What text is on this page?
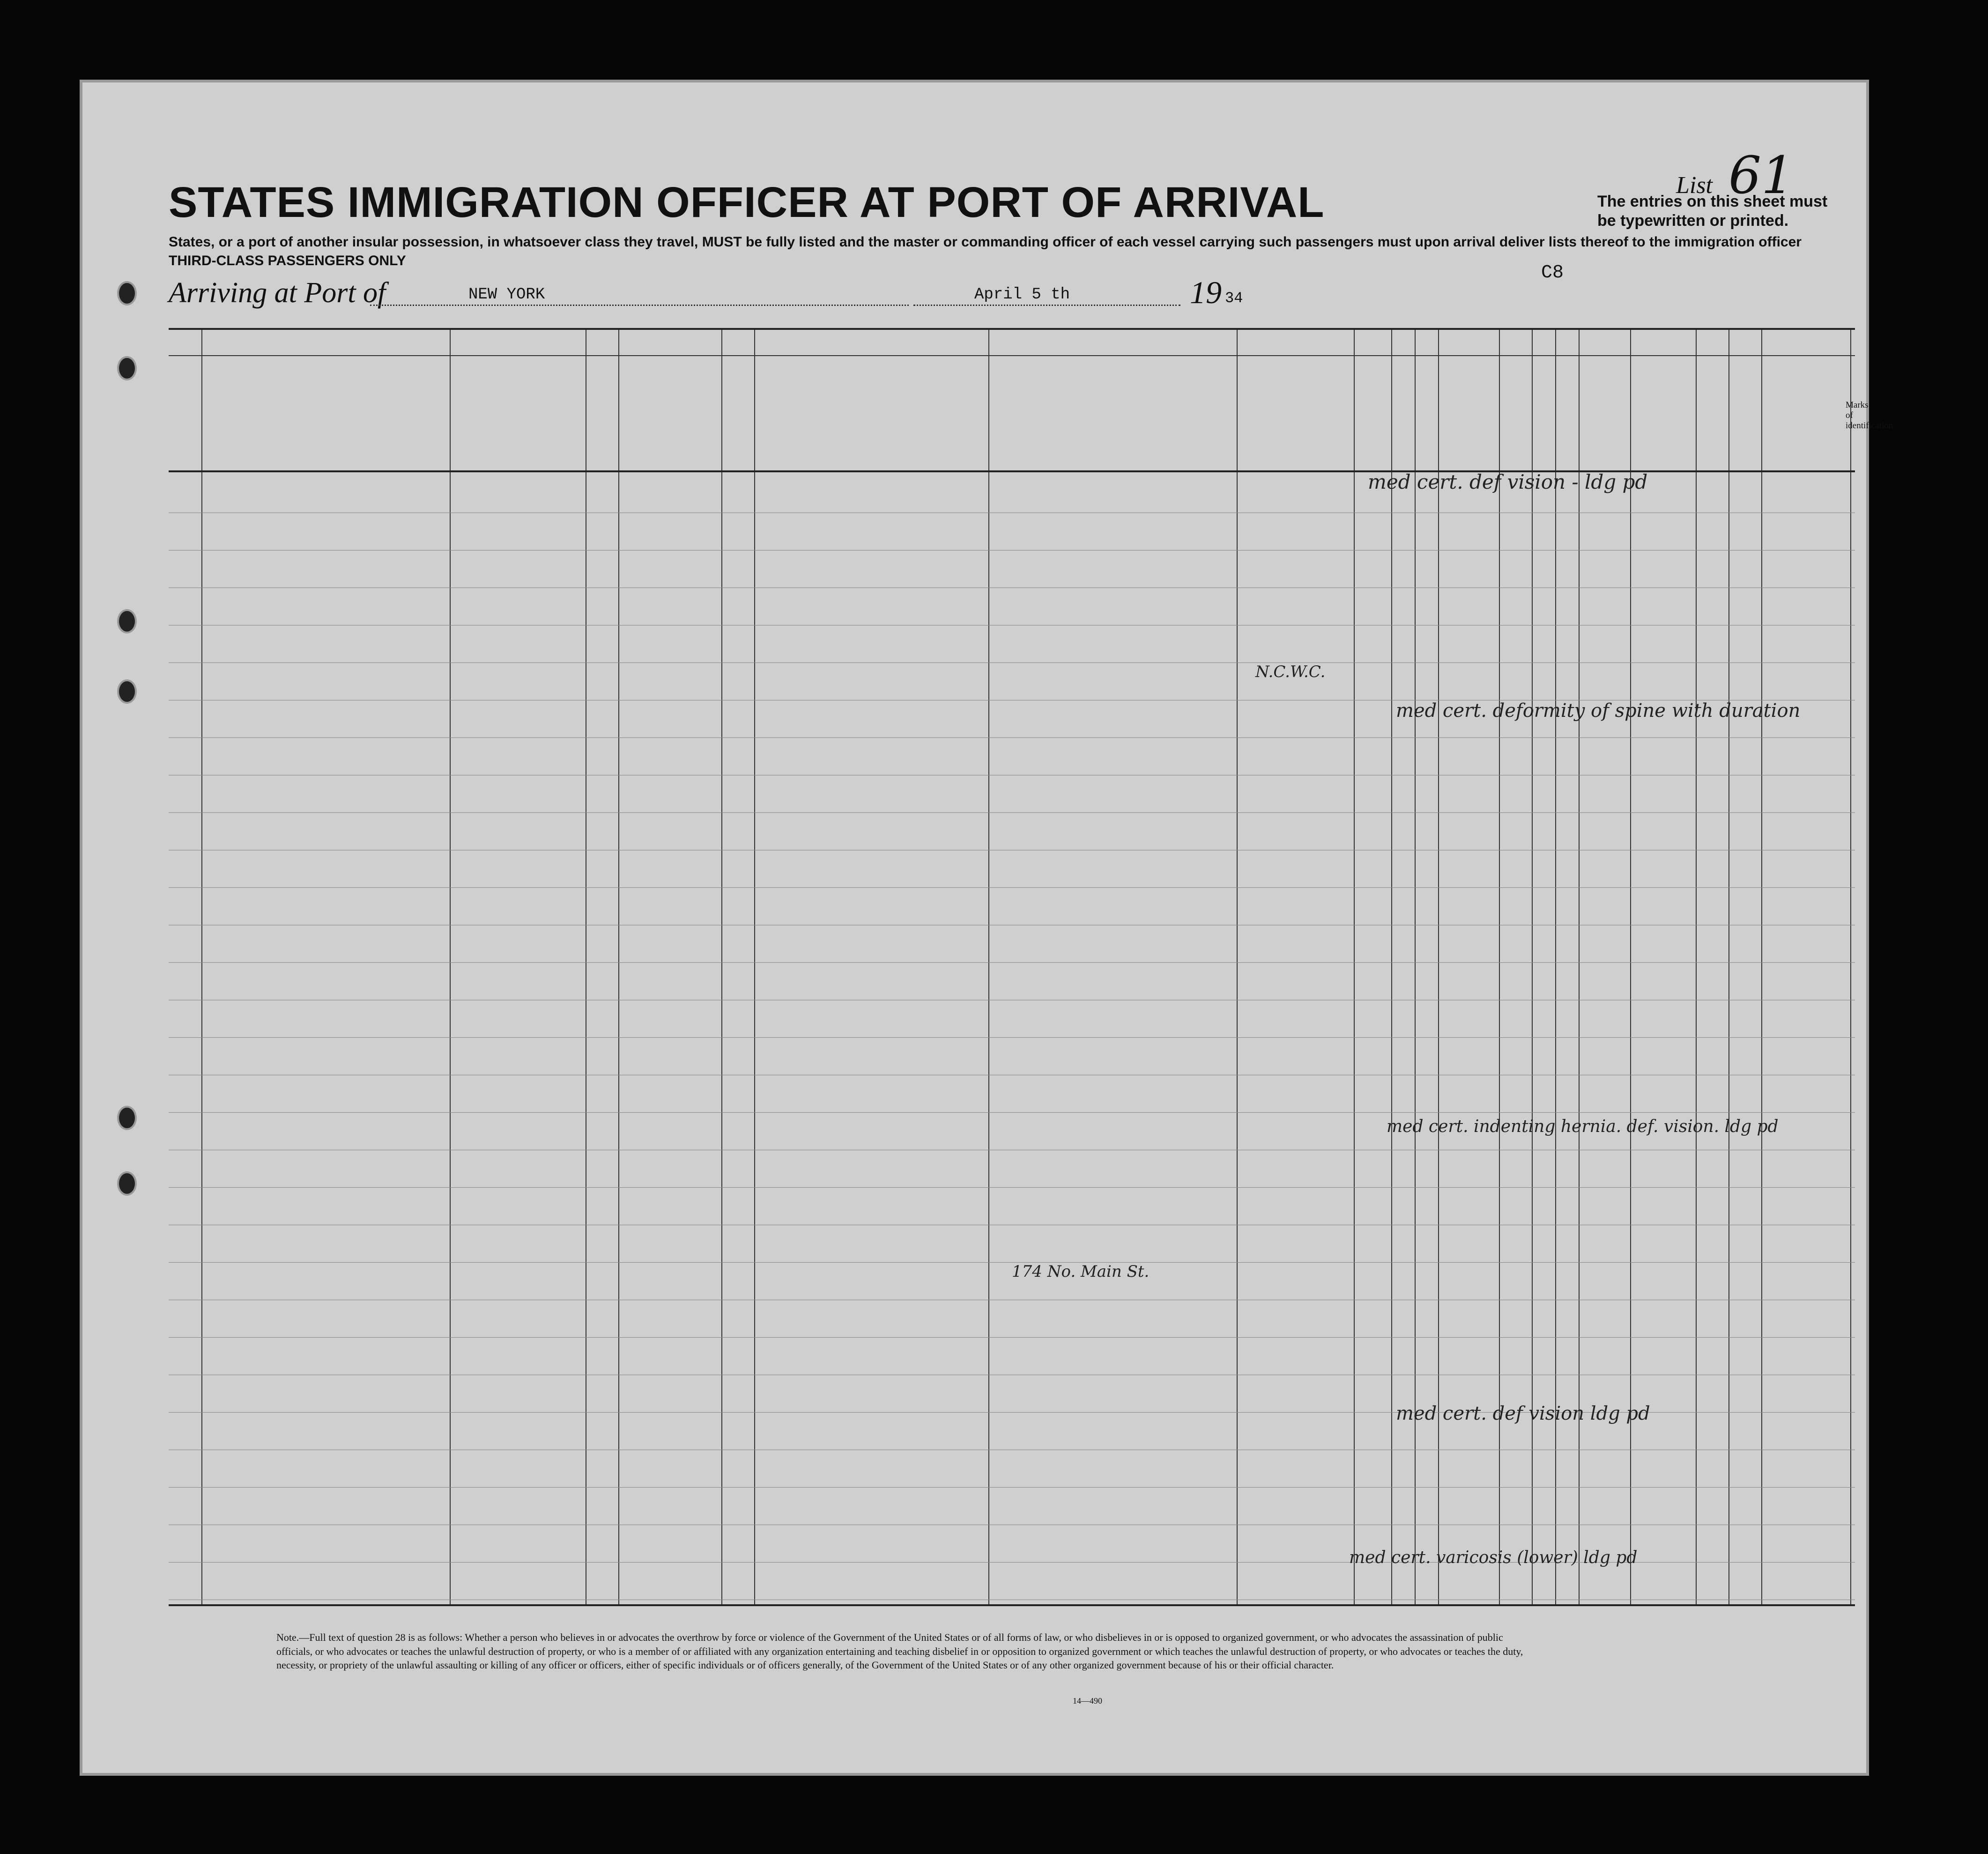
List 61
The entries on this sheet must be typewritten or printed.
STATES IMMIGRATION OFFICER AT PORT OF ARRIVAL
States, or a port of another insular possession, in whatsoever class they travel, MUST be fully listed and the master or commanding officer of each vessel carrying such passengers must upon arrival deliver lists thereof to the immigration officer
THIRD-CLASS PASSENGERS ONLY
Arriving at Port of	NEW YORK	April 5 th	19 34
C8
Marks of identification
med cert. def vision - ldg pd
N.C.W.C.
med cert. deformity of spine with duration
med cert. indenting hernia. def. vision. ldg pd
174 No. Main St.
med cert. def vision ldg pd
med cert. varicosis (lower) ldg pd
Note.—Full text of question 28 is as follows: Whether a person who believes in or advocates the overthrow by force or violence of the Government of the United States or of all forms of law, or who disbelieves in or is opposed to organized government, or who advocates the assassination of public officials, or who advocates or teaches the unlawful destruction of property, or who is a member of or affiliated with any organization entertaining and teaching disbelief in or opposition to organized government or which teaches the unlawful destruction of property, or who advocates or teaches the duty, necessity, or propriety of the unlawful assaulting or killing of any officer or officers, either of specific individuals or of officers generally, of the Government of the United States or of any other organized government because of his or their official character.
14—490
